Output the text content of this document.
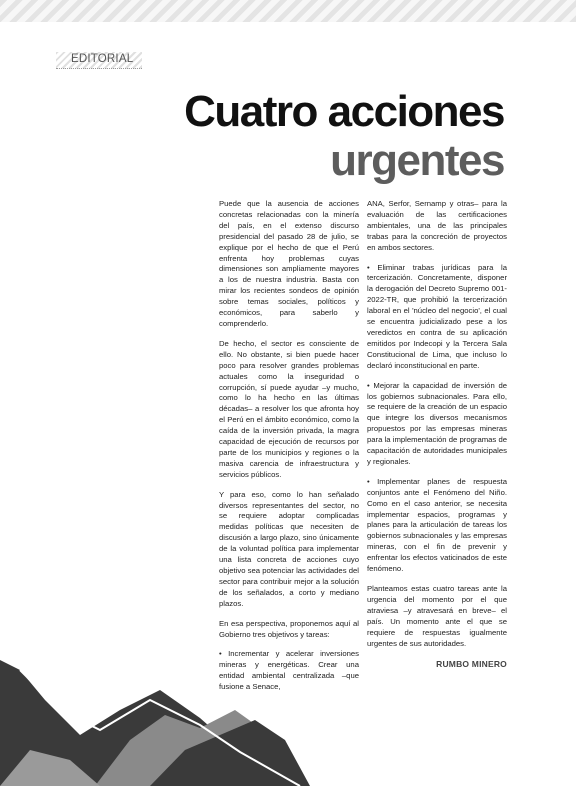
EDITORIAL
Cuatro acciones
urgentes

Puede que la ausencia de acciones concretas relacionadas con la minería del país, en el extenso discurso presidencial del pasado 28 de julio, se explique por el hecho de que el Perú enfrenta hoy problemas cuyas dimensiones son ampliamente mayores a los de nuestra industria. Basta con mirar los recientes sondeos de opinión sobre temas sociales, políticos y económicos, para saberlo y comprenderlo.

De hecho, el sector es consciente de ello. No obstante, si bien puede hacer poco para resolver grandes problemas actuales como la inseguridad o corrupción, sí puede ayudar –y mucho, como lo ha hecho en las últimas décadas– a resolver los que afronta hoy el Perú en el ámbito económico, como la caída de la inversión privada, la magra capacidad de ejecución de recursos por parte de los municipios y regiones o la masiva carencia de infraestructura y servicios públicos.

Y para eso, como lo han señalado diversos representantes del sector, no se requiere adoptar complicadas medidas políticas que necesiten de discusión a largo plazo, sino únicamente de la voluntad política para implementar una lista concreta de acciones cuyo objetivo sea potenciar las actividades del sector para contribuir mejor a la solución de los señalados, a corto y mediano plazos.

En esa perspectiva, proponemos aquí al Gobierno tres objetivos y tareas:

• Incrementar y acelerar inversiones mineras y energéticas. Crear una entidad ambiental centralizada –que fusione a Senace,

ANA, Serfor, Sernamp y otras– para la evaluación de las certificaciones ambientales, una de las principales trabas para la concreción de proyectos en ambos sectores.

• Eliminar trabas jurídicas para la tercerización. Concretamente, disponer la derogación del Decreto Supremo 001-2022-TR, que prohibió la tercerización laboral en el 'núcleo del negocio', el cual se encuentra judicializado pese a los veredictos en contra de su aplicación emitidos por Indecopi y la Tercera Sala Constitucional de Lima, que incluso lo declaró inconstitucional en parte.

• Mejorar la capacidad de inversión de los gobiernos subnacionales. Para ello, se requiere de la creación de un espacio que integre los diversos mecanismos propuestos por las empresas mineras para la implementación de programas de capacitación de autoridades municipales y regionales.

• Implementar planes de respuesta conjuntos ante el Fenómeno del Niño. Como en el caso anterior, se necesita implementar espacios, programas y planes para la articulación de tareas los gobiernos subnacionales y las empresas mineras, con el fin de prevenir y enfrentar los efectos vaticinados de este fenómeno.

Planteamos estas cuatro tareas ante la urgencia del momento por el que atraviesa –y atravesará en breve– el país. Un momento ante el que se requiere de respuestas igualmente urgentes de sus autoridades.

RUMBO MINERO
